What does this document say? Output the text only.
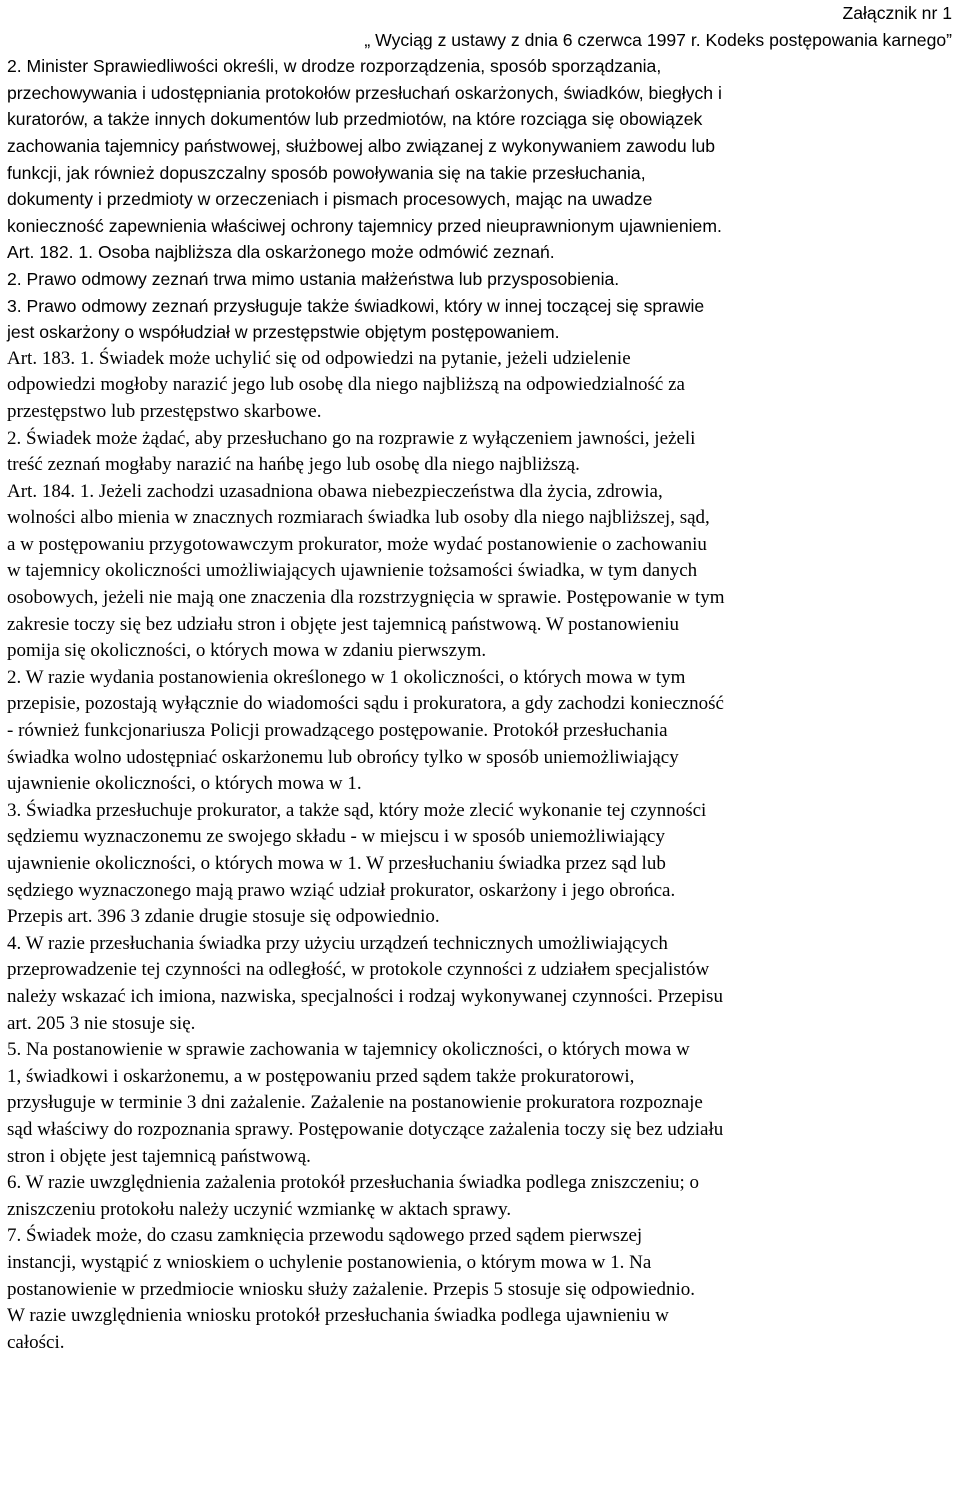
Załącznik nr 1
„ Wyciąg z ustawy z dnia 6 czerwca 1997 r. Kodeks postępowania karnego”
2. Minister Sprawiedliwości określi, w drodze rozporządzenia, sposób sporządzania,
przechowywania i udostępniania protokołów przesłuchań oskarżonych, świadków, biegłych i
kuratorów, a także innych dokumentów lub przedmiotów, na które rozciąga się obowiązek
zachowania tajemnicy państwowej, służbowej albo związanej z wykonywaniem zawodu lub
funkcji, jak również dopuszczalny sposób powoływania się na takie przesłuchania,
dokumenty i przedmioty w orzeczeniach i pismach procesowych, mając na uwadze
konieczność zapewnienia właściwej ochrony tajemnicy przed nieuprawnionym ujawnieniem.
Art. 182. 1. Osoba najbliższa dla oskarżonego może odmówić zeznań.
2. Prawo odmowy zeznań trwa mimo ustania małżeństwa lub przysposobienia.
3. Prawo odmowy zeznań przysługuje także świadkowi, który w innej toczącej się sprawie
jest oskarżony o współudział w przestępstwie objętym postępowaniem.
Art. 183. 1. Świadek może uchylić się od odpowiedzi na pytanie, jeżeli udzielenie
odpowiedzi mogłoby narazić jego lub osobę dla niego najbliższą na odpowiedzialność za
przestępstwo lub przestępstwo skarbowe.
2. Świadek może żądać, aby przesłuchano go na rozprawie z wyłączeniem jawności, jeżeli
treść zeznań mogłaby narazić na hańbę jego lub osobę dla niego najbliższą.
Art. 184. 1. Jeżeli zachodzi uzasadniona obawa niebezpieczeństwa dla życia, zdrowia,
wolności albo mienia w znacznych rozmiarach świadka lub osoby dla niego najbliższej, sąd,
a w postępowaniu przygotowawczym prokurator, może wydać postanowienie o zachowaniu
w tajemnicy okoliczności umożliwiających ujawnienie tożsamości świadka, w tym danych
osobowych, jeżeli nie mają one znaczenia dla rozstrzygnięcia w sprawie. Postępowanie w tym
zakresie toczy się bez udziału stron i objęte jest tajemnicą państwową. W postanowieniu
pomija się okoliczności, o których mowa w zdaniu pierwszym.
2. W razie wydania postanowienia określonego w 1 okoliczności, o których mowa w tym
przepisie, pozostają wyłącznie do wiadomości sądu i prokuratora, a gdy zachodzi konieczność
- również funkcjonariusza Policji prowadzącego postępowanie. Protokół przesłuchania
świadka wolno udostępniać oskarżonemu lub obrońcy tylko w sposób uniemożliwiający
ujawnienie okoliczności, o których mowa w 1.
3. Świadka przesłuchuje prokurator, a także sąd, który może zlecić wykonanie tej czynności
sędziemu wyznaczonemu ze swojego składu - w miejscu i w sposób uniemożliwiający
ujawnienie okoliczności, o których mowa w 1. W przesłuchaniu świadka przez sąd lub
sędziego wyznaczonego mają prawo wziąć udział prokurator, oskarżony i jego obrońca.
Przepis art. 396 3 zdanie drugie stosuje się odpowiednio.
4. W razie przesłuchania świadka przy użyciu urządzeń technicznych umożliwiających
przeprowadzenie tej czynności na odległość, w protokole czynności z udziałem specjalistów
należy wskazać ich imiona, nazwiska, specjalności i rodzaj wykonywanej czynności. Przepisu
art. 205 3 nie stosuje się.
5. Na postanowienie w sprawie zachowania w tajemnicy okoliczności, o których mowa w
1, świadkowi i oskarżonemu, a w postępowaniu przed sądem także prokuratorowi,
przysługuje w terminie 3 dni zażalenie. Zażalenie na postanowienie prokuratora rozpoznaje
sąd właściwy do rozpoznania sprawy. Postępowanie dotyczące zażalenia toczy się bez udziału
stron i objęte jest tajemnicą państwową.
6. W razie uwzględnienia zażalenia protokół przesłuchania świadka podlega zniszczeniu; o
zniszczeniu protokołu należy uczynić wzmiankę w aktach sprawy.
7. Świadek może, do czasu zamknięcia przewodu sądowego przed sądem pierwszej
instancji, wystąpić z wnioskiem o uchylenie postanowienia, o którym mowa w 1. Na
postanowienie w przedmiocie wniosku służy zażalenie. Przepis 5 stosuje się odpowiednio.
W razie uwzględnienia wniosku protokół przesłuchania świadka podlega ujawnieniu w
całości.
